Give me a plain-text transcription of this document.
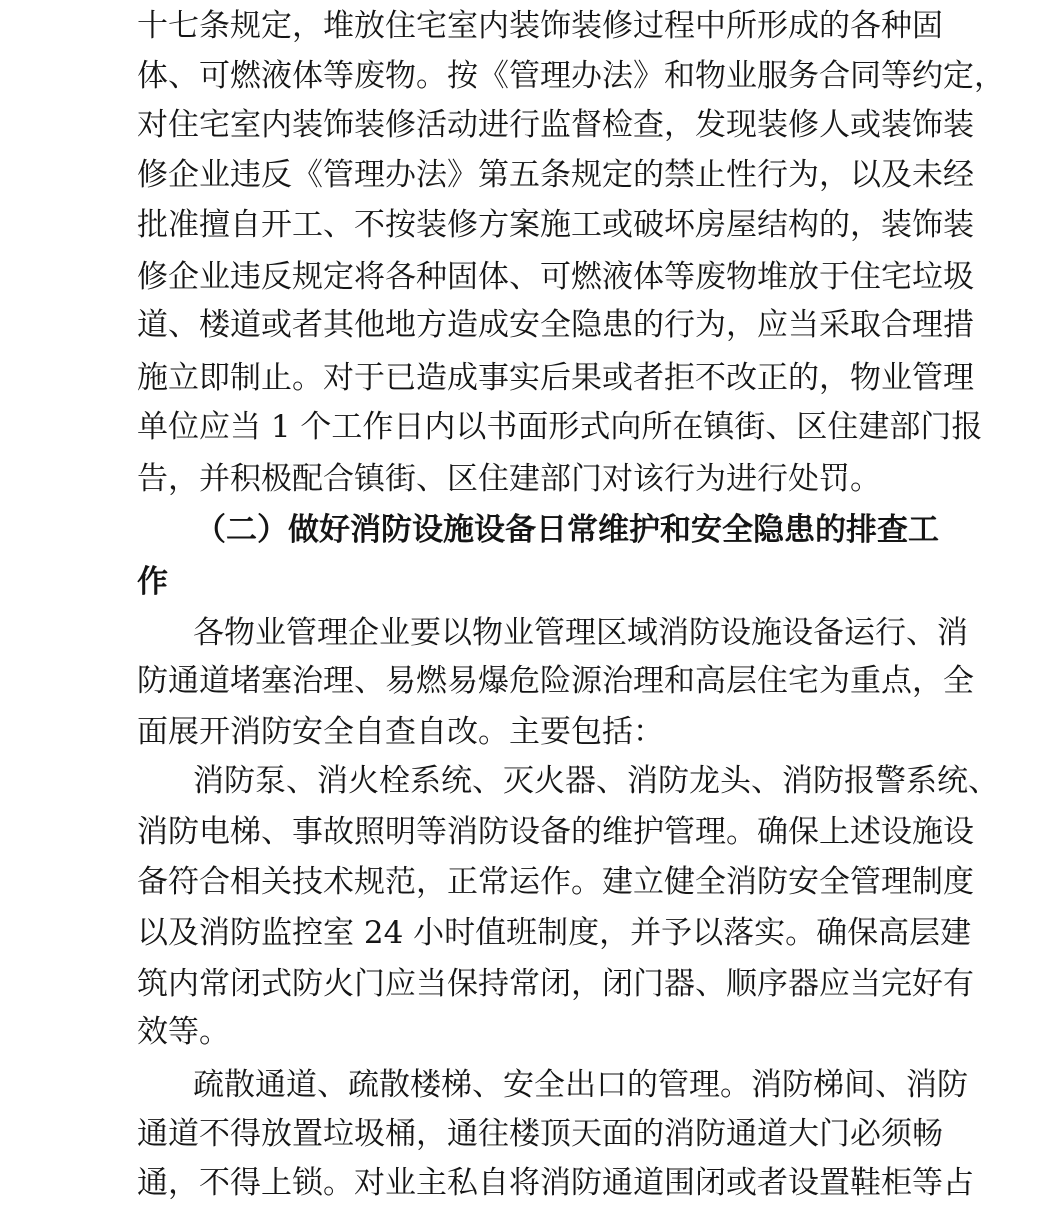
十七条规定，堆放住宅室内装饰装修过程中所形成的各种固
体、可燃液体等废物。按《管理办法》和物业服务合同等约定，
对住宅室内装饰装修活动进行监督检查，发现装修人或装饰装
修企业违反《管理办法》第五条规定的禁止性行为，以及未经
批准擅自开工、不按装修方案施工或破坏房屋结构的，装饰装
修企业违反规定将各种固体、可燃液体等废物堆放于住宅垃圾
道、楼道或者其他地方造成安全隐患的行为，应当采取合理措
施立即制止。对于已造成事实后果或者拒不改正的，物业管理
单位应当 1 个工作日内以书面形式向所在镇街、区住建部门报
告，并积极配合镇街、区住建部门对该行为进行处罚。
（二）做好消防设施设备日常维护和安全隐患的排查工
作
各物业管理企业要以物业管理区域消防设施设备运行、消
防通道堵塞治理、易燃易爆危险源治理和高层住宅为重点，全
面展开消防安全自查自改。主要包括：
消防泵、消火栓系统、灭火器、消防龙头、消防报警系统、
消防电梯、事故照明等消防设备的维护管理。确保上述设施设
备符合相关技术规范，正常运作。建立健全消防安全管理制度
以及消防监控室 24 小时值班制度，并予以落实。确保高层建
筑内常闭式防火门应当保持常闭，闭门器、顺序器应当完好有
效等。
疏散通道、疏散楼梯、安全出口的管理。消防梯间、消防
通道不得放置垃圾桶，通往楼顶天面的消防通道大门必须畅
通，不得上锁。对业主私自将消防通道围闭或者设置鞋柜等占
